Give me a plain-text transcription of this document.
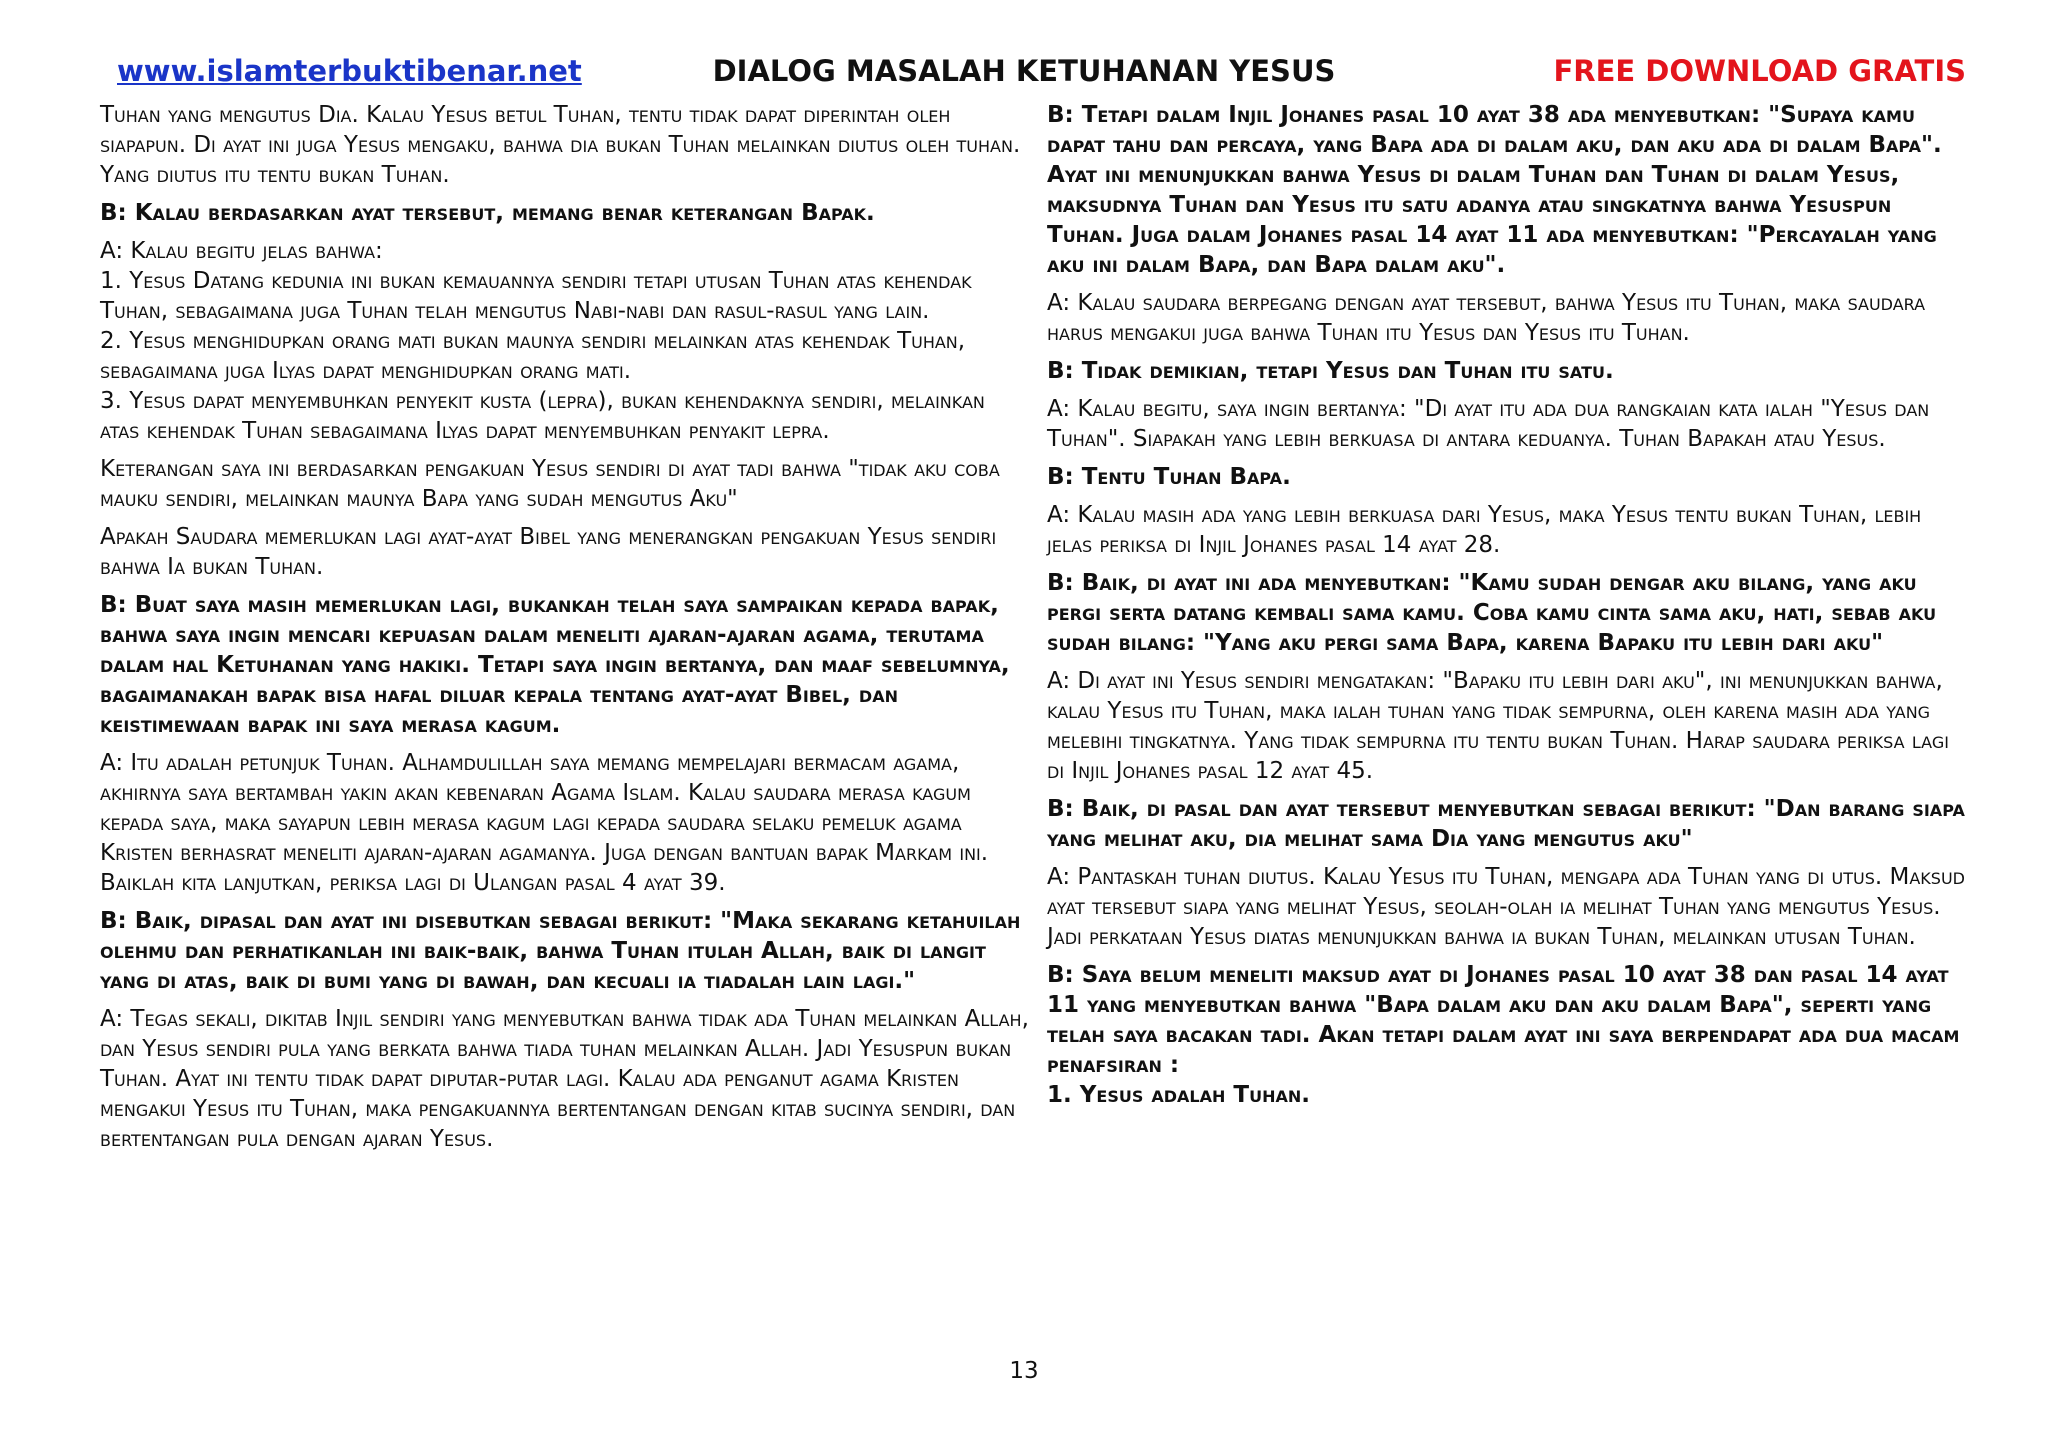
www.islamterbuktibenar.net	DIALOG MASALAH KETUHANAN YESUS	FREE DOWNLOAD GRATIS

Tuhan yang mengutus Dia. Kalau Yesus betul Tuhan, tentu tidak dapat diperintah oleh siapapun. Di ayat ini juga Yesus mengaku, bahwa dia bukan Tuhan melainkan diutus oleh tuhan. Yang diutus itu tentu bukan Tuhan.

B: Kalau berdasarkan ayat tersebut, memang benar keterangan Bapak.

A: Kalau begitu jelas bahwa:

1. Yesus Datang kedunia ini bukan kemauannya sendiri tetapi utusan Tuhan atas kehendak Tuhan, sebagaimana juga Tuhan telah mengutus Nabi-nabi dan rasul-rasul yang lain.

2. Yesus menghidupkan orang mati bukan maunya sendiri melainkan atas kehendak Tuhan, sebagaimana juga Ilyas dapat menghidupkan orang mati.

3. Yesus dapat menyembuhkan penyekit kusta (lepra), bukan kehendaknya sendiri, melainkan atas kehendak Tuhan sebagaimana Ilyas dapat menyembuhkan penyakit lepra.

Keterangan saya ini berdasarkan pengakuan Yesus sendiri di ayat tadi bahwa "tidak aku coba mauku sendiri, melainkan maunya Bapa yang sudah mengutus Aku"

Apakah Saudara memerlukan lagi ayat-ayat Bibel yang menerangkan pengakuan Yesus sendiri bahwa Ia bukan Tuhan.

B: Buat saya masih memerlukan lagi, bukankah telah saya sampaikan kepada bapak, bahwa saya ingin mencari kepuasan dalam meneliti ajaran-ajaran agama, terutama dalam hal Ketuhanan yang hakiki. Tetapi saya ingin bertanya, dan maaf sebelumnya, bagaimanakah bapak bisa hafal diluar kepala tentang ayat-ayat Bibel, dan keistimewaan bapak ini saya merasa kagum.

A: Itu adalah petunjuk Tuhan. Alhamdulillah saya memang mempelajari bermacam agama, akhirnya saya bertambah yakin akan kebenaran Agama Islam. Kalau saudara merasa kagum kepada saya, maka sayapun lebih merasa kagum lagi kepada saudara selaku pemeluk agama Kristen berhasrat meneliti ajaran-ajaran agamanya. Juga dengan bantuan bapak Markam ini. Baiklah kita lanjutkan, periksa lagi di Ulangan pasal 4 ayat 39.

B: Baik, dipasal dan ayat ini disebutkan sebagai berikut: "Maka sekarang ketahuilah olehmu dan perhatikanlah ini baik-baik, bahwa Tuhan itulah Allah, baik di langit yang di atas, baik di bumi yang di bawah, dan kecuali ia tiadalah lain lagi."

A: Tegas sekali, dikitab Injil sendiri yang menyebutkan bahwa tidak ada Tuhan melainkan Allah, dan Yesus sendiri pula yang berkata bahwa tiada tuhan melainkan Allah. Jadi Yesuspun bukan Tuhan. Ayat ini tentu tidak dapat diputar-putar lagi. Kalau ada penganut agama Kristen mengakui Yesus itu Tuhan, maka pengakuannya bertentangan dengan kitab sucinya sendiri, dan bertentangan pula dengan ajaran Yesus.

B: Tetapi dalam Injil Johanes pasal 10 ayat 38 ada menyebutkan: "Supaya kamu dapat tahu dan percaya, yang Bapa ada di dalam aku, dan aku ada di dalam Bapa".

Ayat ini menunjukkan bahwa Yesus di dalam Tuhan dan Tuhan di dalam Yesus, maksudnya Tuhan dan Yesus itu satu adanya atau singkatnya bahwa Yesuspun Tuhan. Juga dalam Johanes pasal 14 ayat 11 ada menyebutkan: "Percayalah yang aku ini dalam Bapa, dan Bapa dalam aku".

A: Kalau saudara berpegang dengan ayat tersebut, bahwa Yesus itu Tuhan, maka saudara harus mengakui juga bahwa Tuhan itu Yesus dan Yesus itu Tuhan.

B: Tidak demikian, tetapi Yesus dan Tuhan itu satu.

A: Kalau begitu, saya ingin bertanya: "Di ayat itu ada dua rangkaian kata ialah "Yesus dan Tuhan". Siapakah yang lebih berkuasa di antara keduanya. Tuhan Bapakah atau Yesus.

B: Tentu Tuhan Bapa.

A: Kalau masih ada yang lebih berkuasa dari Yesus, maka Yesus tentu bukan Tuhan, lebih jelas periksa di Injil Johanes pasal 14 ayat 28.

B: Baik, di ayat ini ada menyebutkan: "Kamu sudah dengar aku bilang, yang aku pergi serta datang kembali sama kamu. Coba kamu cinta sama aku, hati, sebab aku sudah bilang: "Yang aku pergi sama Bapa, karena Bapaku itu lebih dari aku"

A: Di ayat ini Yesus sendiri mengatakan: "Bapaku itu lebih dari aku", ini menunjukkan bahwa, kalau Yesus itu Tuhan, maka ialah tuhan yang tidak sempurna, oleh karena masih ada yang melebihi tingkatnya. Yang tidak sempurna itu tentu bukan Tuhan. Harap saudara periksa lagi di Injil Johanes pasal 12 ayat 45.

B: Baik, di pasal dan ayat tersebut menyebutkan sebagai berikut: "Dan barang siapa yang melihat aku, dia melihat sama Dia yang mengutus aku"

A: Pantaskah tuhan diutus. Kalau Yesus itu Tuhan, mengapa ada Tuhan yang di utus. Maksud ayat tersebut siapa yang melihat Yesus, seolah-olah ia melihat Tuhan yang mengutus Yesus. Jadi perkataan Yesus diatas menunjukkan bahwa ia bukan Tuhan, melainkan utusan Tuhan.

B: Saya belum meneliti maksud ayat di Johanes pasal 10 ayat 38 dan pasal 14 ayat 11 yang menyebutkan bahwa "Bapa dalam aku dan aku dalam Bapa", seperti yang telah saya bacakan tadi. Akan tetapi dalam ayat ini saya berpendapat ada dua macam penafsiran :

1. Yesus adalah Tuhan.

13
